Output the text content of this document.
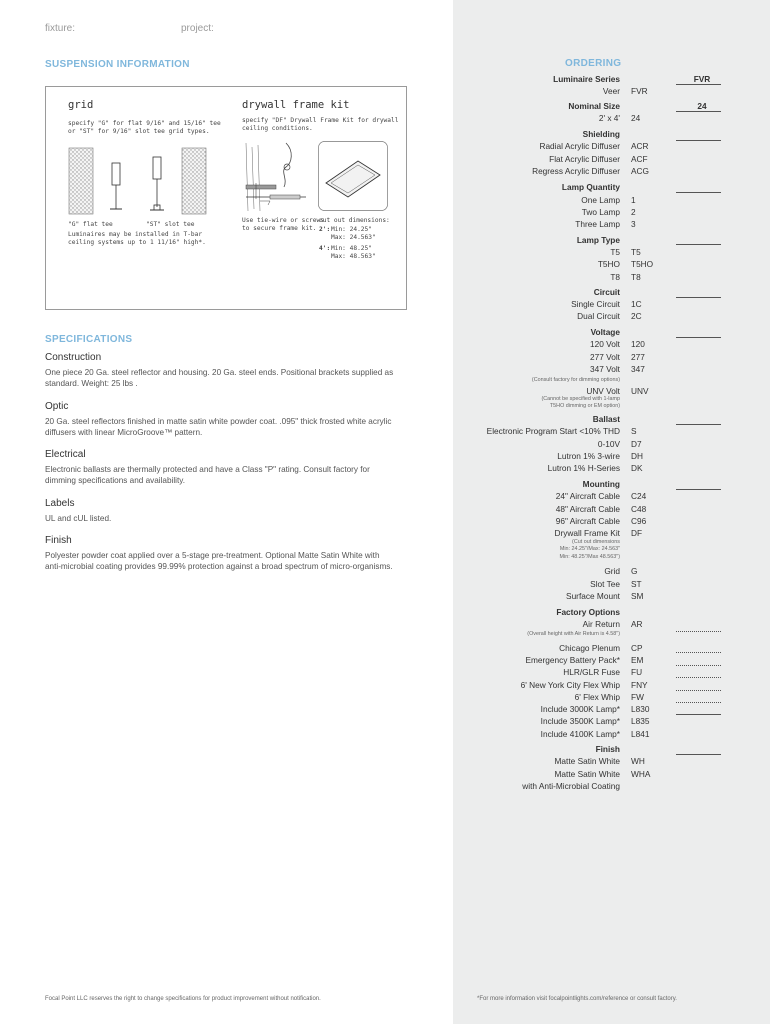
fixture:	project:
SUSPENSION INFORMATION
grid
specify "G" for flat 9/16" and 15/16" tee
or "ST" for 9/16" slot tee grid types.
"G" flat tee	"ST" slot tee
Luminaires may be installed in T-bar
ceiling systems up to 1 11/16" high*.
drywall frame kit
specify "DF" Drywall Frame Kit for drywall
ceiling conditions.
Use tie-wire or screws
to secure frame kit.
cut out dimensions:
2': Min: 24.25"
Max: 24.563"
4': Min: 48.25"
Max: 48.563"
SPECIFICATIONS
Construction
One piece 20 Ga. steel reflector and housing. 20 Ga. steel ends. Positional brackets supplied as standard. Weight: 25 lbs .
Optic
20 Ga. steel reflectors finished in matte satin white powder coat. .095" thick frosted white acrylic diffusers with linear MicroGroove™ pattern.
Electrical
Electronic ballasts are thermally protected and have a Class "P" rating. Consult factory for dimming specifications and availability.
Labels
UL and cUL listed.
Finish
Polyester powder coat applied over a 5-stage pre-treatment. Optional Matte Satin White with anti-microbial coating provides 99.99% protection against a broad spectrum of micro-organisms.
ORDERING
Luminaire Series	FVR
Veer FVR
Nominal Size	24
2' x 4' 24
Shielding
Radial Acrylic Diffuser ACR
Flat Acrylic Diffuser ACF
Regress Acrylic Diffuser ACG
Lamp Quantity
One Lamp 1
Two Lamp 2
Three Lamp 3
Lamp Type
T5 T5
T5HO T5HO
T8 T8
Circuit
Single Circuit 1C
Dual Circuit 2C
Voltage
120 Volt 120
277 Volt 277
347 Volt 347
(Consult factory for dimming options)
UNV Volt UNV
(Cannot be specified with 1-lamp
T5HO dimming or EM option)
Ballast
Electronic Program Start <10% THD S
0-10V D7
Lutron 1% 3-wire DH
Lutron 1% H-Series DK
Mounting
24" Aircraft Cable C24
48" Aircraft Cable C48
96" Aircraft Cable C96
Drywall Frame Kit DF
(Cut out dimensions
Min: 24.25"/Max: 24.563"
Min: 48.25"/Max 48.563")
Grid G
Slot Tee ST
Surface Mount SM
Factory Options
Air Return AR
(Overall height with Air Return is 4.58")
Chicago Plenum CP
Emergency Battery Pack* EM
HLR/GLR Fuse FU
6' New York City Flex Whip FNY
6' Flex Whip FW
Include 3000K Lamp* L830
Include 3500K Lamp* L835
Include 4100K Lamp* L841
Finish
Matte Satin White WH
Matte Satin White WHA
with Anti-Microbial Coating
Focal Point LLC reserves the right to change specifications for product improvement without notification.	*For more information visit focalpointlights.com/reference or consult factory.
